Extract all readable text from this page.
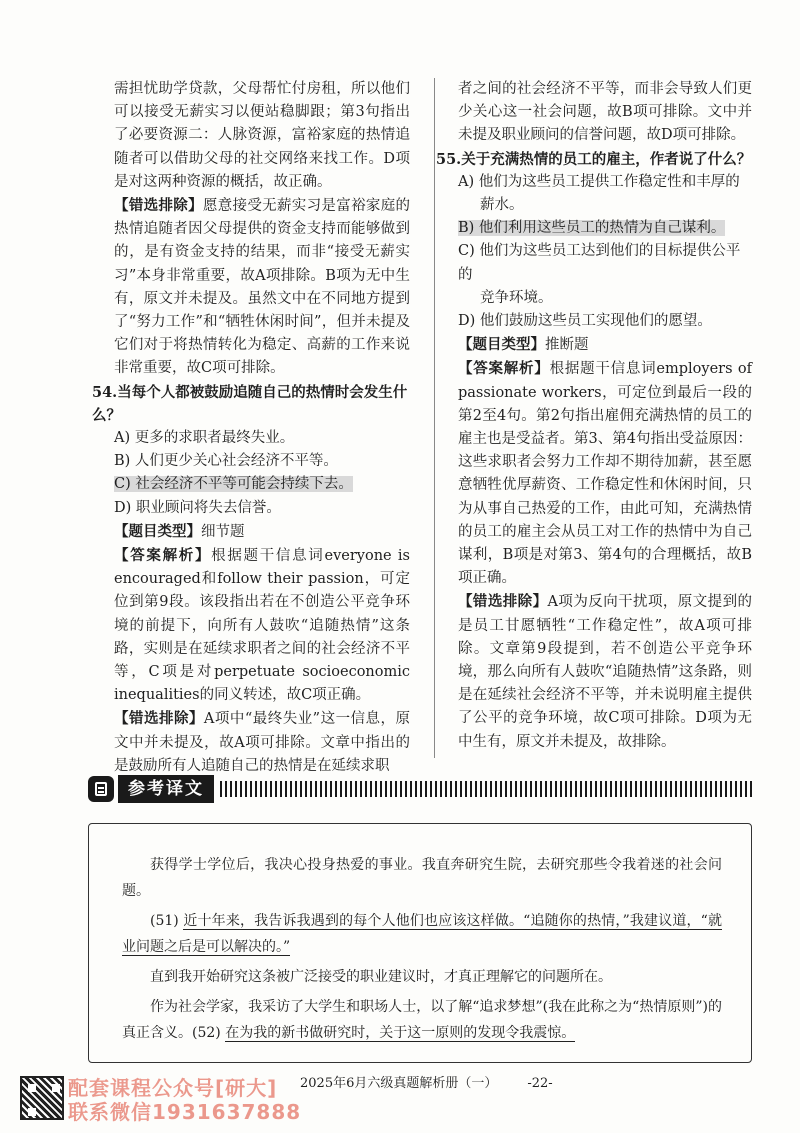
需担忧助学贷款，父母帮忙付房租，所以他们可以接受无薪实习以便站稳脚跟；第3句指出了必要资源二：人脉资源，富裕家庭的热情追随者可以借助父母的社交网络来找工作。D项是对这两种资源的概括，故正确。

【错选排除】愿意接受无薪实习是富裕家庭的热情追随者因父母提供的资金支持而能够做到的，是有资金支持的结果，而非“接受无薪实习”本身非常重要，故A项排除。B项为无中生有，原文并未提及。虽然文中在不同地方提到了“努力工作”和“牺牲休闲时间”，但并未提及它们对于将热情转化为稳定、高薪的工作来说非常重要，故C项可排除。

54.当每个人都被鼓励追随自己的热情时会发生什么？

A) 更多的求职者最终失业。

B) 人们更少关心社会经济不平等。

C) 社会经济不平等可能会持续下去。

D) 职业顾问将失去信誉。

【题目类型】细节题

【答案解析】根据题干信息词everyone is encouraged和follow their passion，可定位到第9段。该段指出若在不创造公平竞争环境的前提下，向所有人鼓吹“追随热情”这条路，实则是在延续求职者之间的社会经济不平等，C项是对perpetuate socioeconomic inequalities的同义转述，故C项正确。

【错选排除】A项中“最终失业”这一信息，原文中并未提及，故A项可排除。文章中指出的是鼓励所有人追随自己的热情是在延续求职

者之间的社会经济不平等，而非会导致人们更少关心这一社会问题，故B项可排除。文中并未提及职业顾问的信誉问题，故D项可排除。

55.关于充满热情的员工的雇主，作者说了什么？

A) 他们为这些员工提供工作稳定性和丰厚的

薪水。

B) 他们利用这些员工的热情为自己谋利。

C) 他们为这些员工达到他们的目标提供公平的

竞争环境。

D) 他们鼓励这些员工实现他们的愿望。

【题目类型】推断题

【答案解析】根据题干信息词employers of passionate workers，可定位到最后一段的第2至4句。第2句指出雇佣充满热情的员工的雇主也是受益者。第3、第4句指出受益原因：这些求职者会努力工作却不期待加薪，甚至愿意牺牲优厚薪资、工作稳定性和休闲时间，只为从事自己热爱的工作，由此可知，充满热情的员工的雇主会从员工对工作的热情中为自己谋利，B项是对第3、第4句的合理概括，故B项正确。

【错选排除】A项为反向干扰项，原文提到的是员工甘愿牺牲“工作稳定性”，故A项可排除。文章第9段提到，若不创造公平竞争环境，那么向所有人鼓吹“追随热情”这条路，则是在延续社会经济不平等，并未说明雇主提供了公平的竞争环境，故C项可排除。D项为无中生有，原文并未提及，故排除。

参考译文

获得学士学位后，我决心投身热爱的事业。我直奔研究生院，去研究那些令我着迷的社会问题。

(51) 近十年来，我告诉我遇到的每个人他们也应该这样做。“追随你的热情，”我建议道，“就业问题之后是可以解决的。”

直到我开始研究这条被广泛接受的职业建议时，才真正理解它的问题所在。

作为社会学家，我采访了大学生和职场人士，以了解“追求梦想”(我在此称之为“热情原则”)的真正含义。(52) 在为我的新书做研究时，关于这一原则的发现令我震惊。

配套课程公众号[研大]
联系微信1931637888
2025年6月六级真题解析册（一） -22-
